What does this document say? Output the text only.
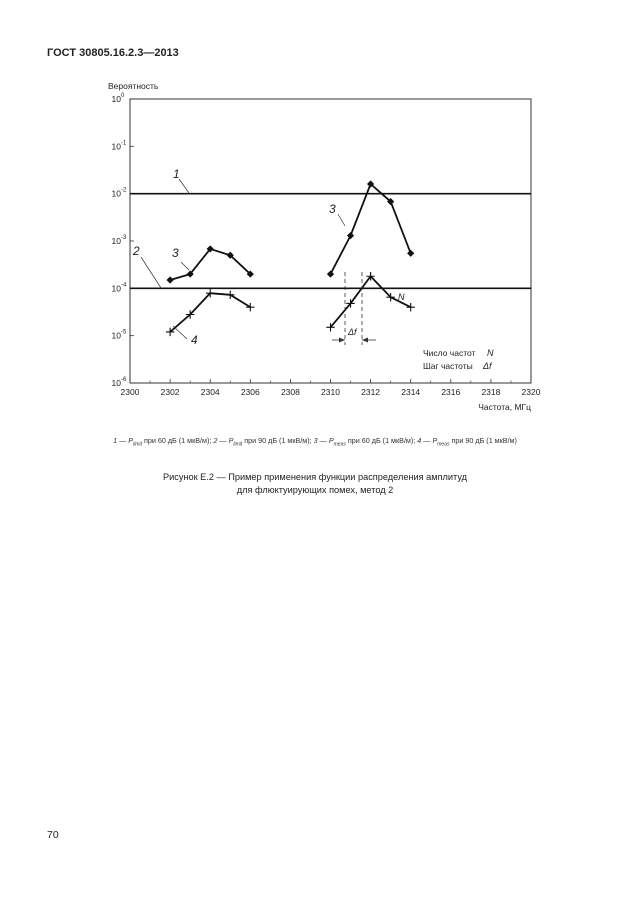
ГОСТ 30805.16.2.3—2013
Вероятность
Частота, МГц
2300 2302 2304 2306 2308 2310 2312 2314 2316 2318 2320
10 0
10 -1
10 -2
10 -3
10 -4
10 -5
10 -6
3
3
4
1
2
N
Δf
Число частот N
Шаг частоты Δf
1 — $P_{limit}$ при 60 дБ (1 мкВ/м); 2 — $P_{limit}$ при 90 дБ (1 мкВ/м); 3 — $P_{meas}$ при 60 дБ (1 мкВ/м); 4 — $P_{meas}$ при 90 дБ (1 мкВ/м)
Рисунок Е.2 — Пример применения функции распределения амплитуд
для флюктуирующих помех, метод 2
70
